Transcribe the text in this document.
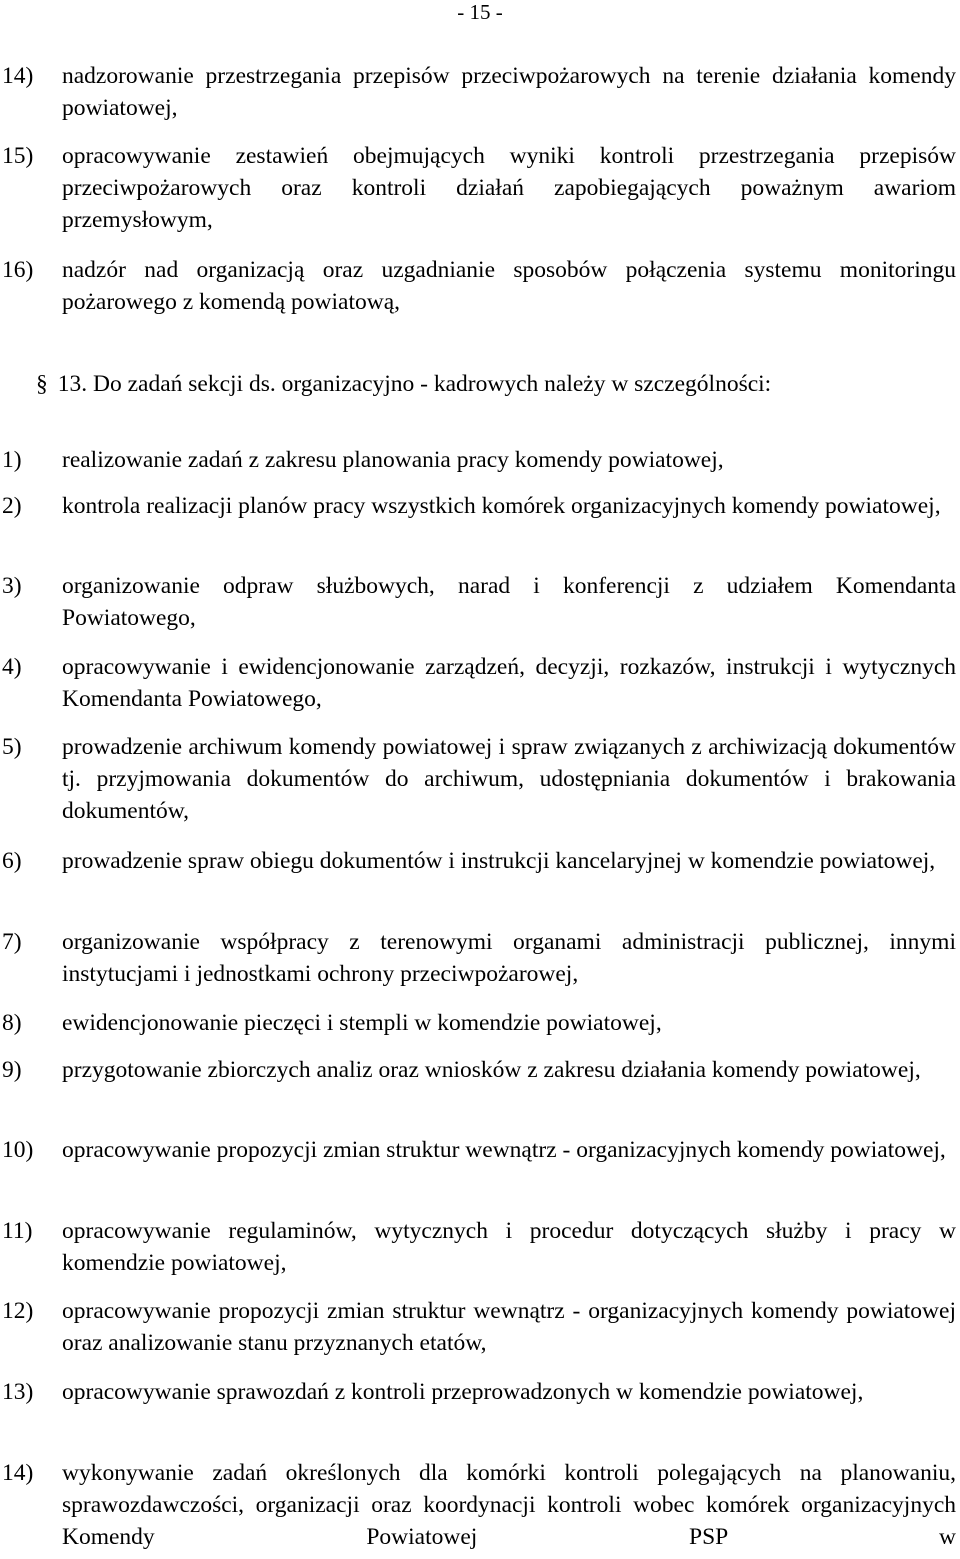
- 15 -
14) nadzorowanie przestrzegania przepisów przeciwpożarowych na terenie działania komendy powiatowej,
15) opracowywanie zestawień obejmujących wyniki kontroli przestrzegania przepisów przeciwpożarowych oraz kontroli działań zapobiegających poważnym awariom przemysłowym,
16) nadzór nad organizacją oraz uzgadnianie sposobów połączenia systemu monitoringu pożarowego z komendą powiatową,
§ 13. Do zadań sekcji ds. organizacyjno - kadrowych należy w szczególności:
1) realizowanie zadań z zakresu planowania pracy komendy powiatowej,
2) kontrola realizacji planów pracy wszystkich komórek organizacyjnych komendy powiatowej,
3) organizowanie odpraw służbowych, narad i konferencji z udziałem Komendanta Powiatowego,
4) opracowywanie i ewidencjonowanie zarządzeń, decyzji, rozkazów, instrukcji i wytycznych Komendanta Powiatowego,
5) prowadzenie archiwum komendy powiatowej i spraw związanych z archiwizacją dokumentów tj. przyjmowania dokumentów do archiwum, udostępniania dokumentów i brakowania dokumentów,
6) prowadzenie spraw obiegu dokumentów i instrukcji kancelaryjnej w komendzie powiatowej,
7) organizowanie współpracy z terenowymi organami administracji publicznej, innymi instytucjami i jednostkami ochrony przeciwpożarowej,
8) ewidencjonowanie pieczęci i stempli w komendzie powiatowej,
9) przygotowanie zbiorczych analiz oraz wniosków z zakresu działania komendy powiatowej,
10) opracowywanie propozycji zmian struktur wewnątrz - organizacyjnych komendy powiatowej,
11) opracowywanie regulaminów, wytycznych i procedur dotyczących służby i pracy w komendzie powiatowej,
12) opracowywanie propozycji zmian struktur wewnątrz - organizacyjnych komendy powiatowej oraz analizowanie stanu przyznanych etatów,
13) opracowywanie sprawozdań z kontroli przeprowadzonych w komendzie powiatowej,
14) wykonywanie zadań określonych dla komórki kontroli polegających na planowaniu, sprawozdawczości, organizacji oraz koordynacji kontroli wobec komórek organizacyjnych Komendy Powiatowej PSP w
